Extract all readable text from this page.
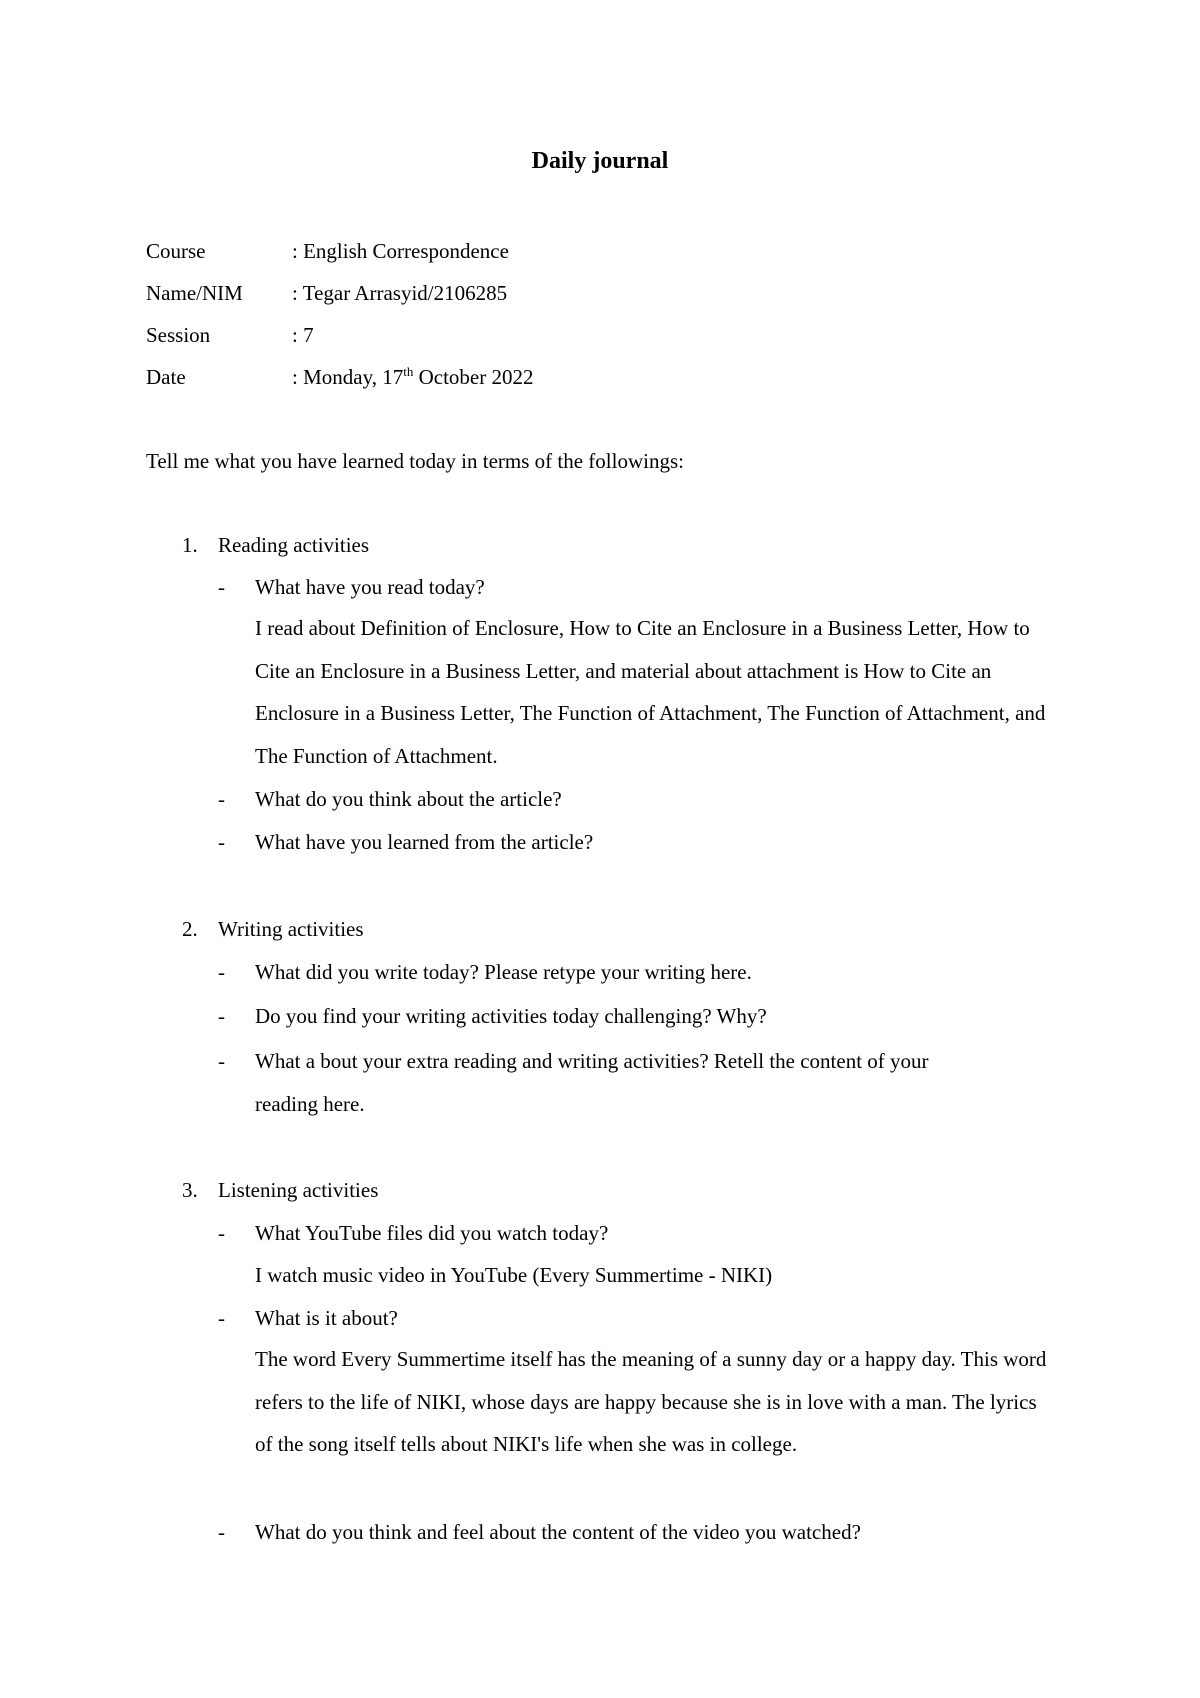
Daily journal
Course	: English Correspondence
Name/NIM : Tegar Arrasyid/2106285
Session	: 7
Date	: Monday, 17th October 2022
Tell me what you have learned today in terms of the followings:
1. Reading activities
- What have you read today?

I read about Definition of Enclosure, How to Cite an Enclosure in a Business Letter, How to Cite an Enclosure in a Business Letter, and material about attachment is How to Cite an Enclosure in a Business Letter, The Function of Attachment, The Function of Attachment, and The Function of Attachment.

- What do you think about the article?
- What have you learned from the article?
2. Writing activities
- What did you write today? Please retype your writing here.
- Do you find your writing activities today challenging? Why?
- What a bout your extra reading and writing activities? Retell the content of your
reading here.
3. Listening activities
- What YouTube files did you watch today?
I watch music video in YouTube (Every Summertime - NIKI)
- What is it about?

The word Every Summertime itself has the meaning of a sunny day or a happy day. This word refers to the life of NIKI, whose days are happy because she is in love with a man. The lyrics of the song itself tells about NIKI's life when she was in college.

- What do you think and feel about the content of the video you watched?
